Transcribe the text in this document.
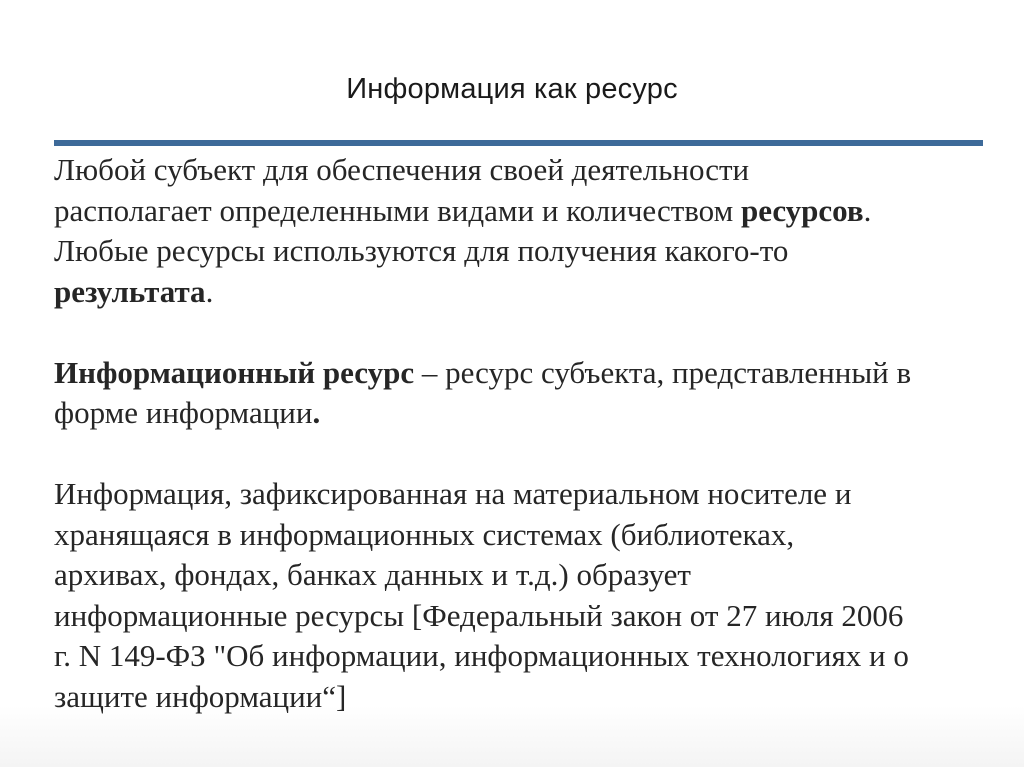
Информация как ресурс

Любой субъект для обеспечения своей деятельности
располагает определенными видами и количеством ресурсов.
Любые ресурсы используются для получения какого-то
результата.

Информационный ресурс – ресурс субъекта, представленный в
форме информации.

Информация, зафиксированная на материальном носителе и
хранящаяся в информационных системах (библиотеках,
архивах, фондах, банках данных и т.д.) образует
информационные ресурсы [Федеральный закон от 27 июля 2006
г. N 149-ФЗ "Об информации, информационных технологиях и о
защите информации“]
